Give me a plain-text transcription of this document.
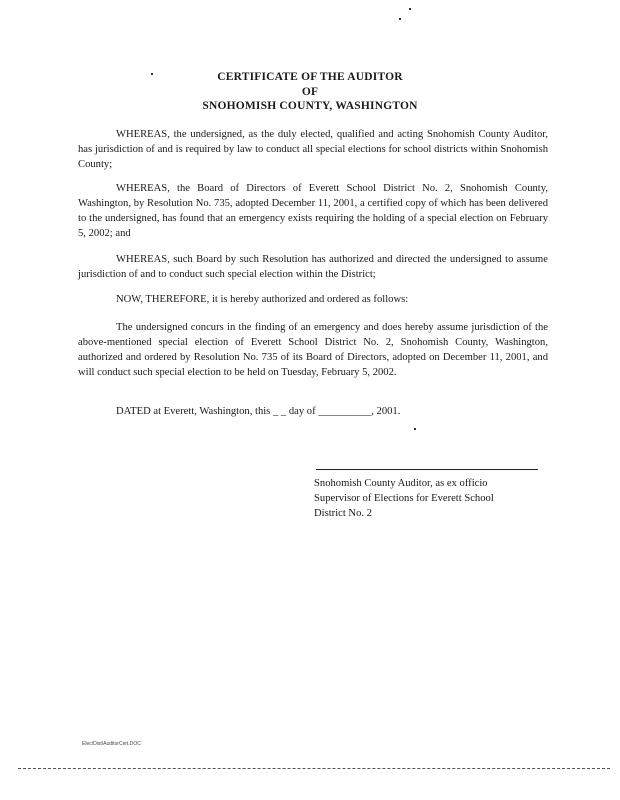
CERTIFICATE OF THE AUDITOR
OF
SNOHOMISH COUNTY, WASHINGTON

WHEREAS, the undersigned, as the duly elected, qualified and acting Snohomish County Auditor, has jurisdiction of and is required by law to conduct all special elections for school districts within Snohomish County;

WHEREAS, the Board of Directors of Everett School District No. 2, Snohomish County, Washington, by Resolution No. 735, adopted December 11, 2001, a certified copy of which has been delivered to the undersigned, has found that an emergency exists requiring the holding of a special election on February 5, 2002; and

WHEREAS, such Board by such Resolution has authorized and directed the undersigned to assume jurisdiction of and to conduct such special election within the District;

NOW, THEREFORE, it is hereby authorized and ordered as follows:

The undersigned concurs in the finding of an emergency and does hereby assume jurisdiction of the above-mentioned special election of Everett School District No. 2, Snohomish County, Washington, authorized and ordered by Resolution No. 735 of its Board of Directors, adopted on December 11, 2001, and will conduct such special election to be held on Tuesday, February 5, 2002.

DATED at Everett, Washington, this _ _ day of __________, 2001.

Snohomish County Auditor, as ex officio
Supervisor of Elections for Everett School
District No. 2
Elec/Dist/AuditorCert.DOC
